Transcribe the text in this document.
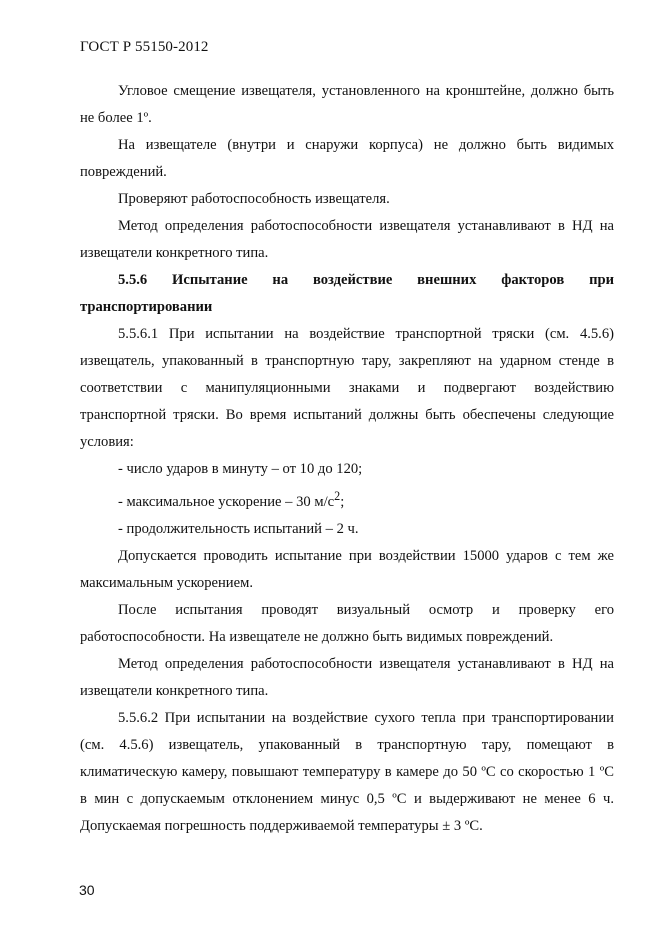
ГОСТ Р 55150-2012

Угловое смещение извещателя, установленного на кронштейне, должно быть не более 1º.

На извещателе (внутри и снаружи корпуса) не должно быть видимых повреждений.

Проверяют работоспособность извещателя.

Метод определения работоспособности извещателя устанавливают в НД на извещатели конкретного типа.

5.5.6 Испытание на воздействие внешних факторов при транспортировании

5.5.6.1 При испытании на воздействие транспортной тряски (см. 4.5.6) извещатель, упакованный в транспортную тару, закрепляют на ударном стенде в соответствии с манипуляционными знаками и подвергают воздействию транспортной тряски. Во время испытаний должны быть обеспечены следующие условия:

- число ударов в минуту – от 10 до 120;

- максимальное ускорение – 30 $м/с^2$;

- продолжительность испытаний – 2 ч.

Допускается проводить испытание при воздействии 15000 ударов с тем же максимальным ускорением.

После испытания проводят визуальный осмотр и проверку его работоспособности. На извещателе не должно быть видимых повреждений.

Метод определения работоспособности извещателя устанавливают в НД на извещатели конкретного типа.

5.5.6.2 При испытании на воздействие сухого тепла при транспортировании (см. 4.5.6) извещатель, упакованный в транспортную тару, помещают в климатическую камеру, повышают температуру в камере до 50 ºС со скоростью 1 ºС в мин с допускаемым отклонением минус 0,5 ºС и выдерживают не менее 6 ч. Допускаемая погрешность поддерживаемой температуры ± 3 ºС.

30
